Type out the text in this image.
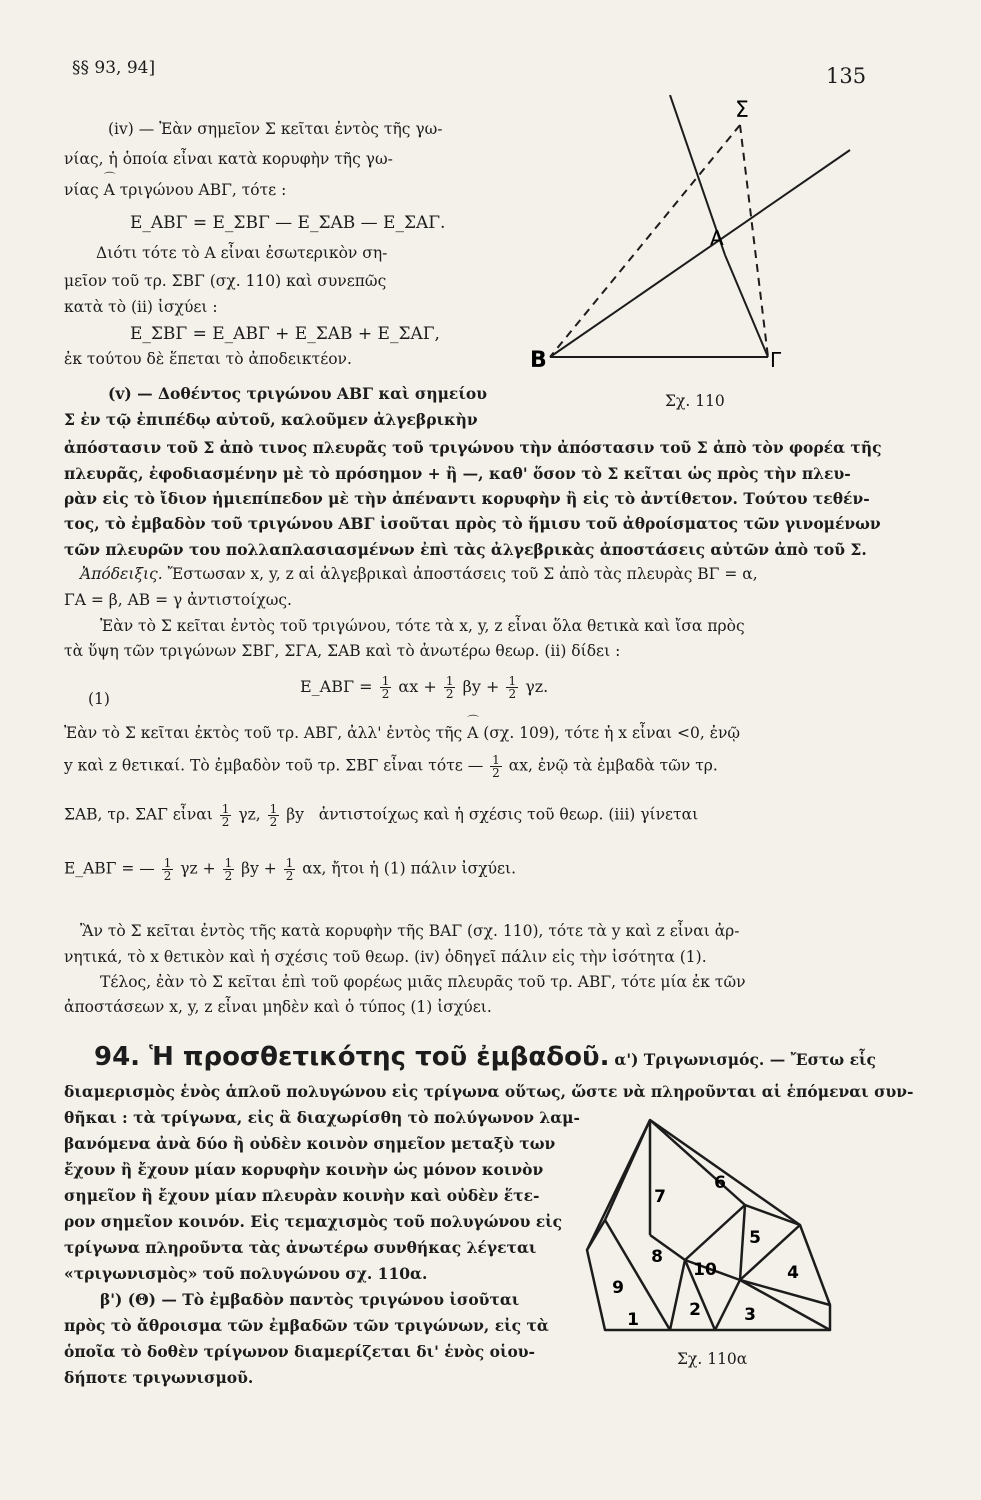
§§ 93, 94]	135
(iv) — Ἐὰν σημεῖον Σ κεῖται ἐντὸς τῆς γω-
νίας, ἡ ὁποία εἶναι κατὰ κορυφὴν τῆς γω-
νίας ⌒ Α τριγώνου ΑΒΓ, τότε :
Ε_ΑΒΓ = Ε_ΣΒΓ — Ε_ΣΑΒ — Ε_ΣΑΓ.
Διότι τότε τὸ Α εἶναι ἐσωτερικὸν ση-
μεῖον τοῦ τρ. ΣΒΓ (σχ. 110) καὶ συνεπῶς
κατὰ τὸ (ii) ἰσχύει :
Ε_ΣΒΓ = Ε_ΑΒΓ + Ε_ΣΑΒ + Ε_ΣΑΓ,
ἐκ τούτου δὲ ἕπεται τὸ ἀποδεικτέον.
Σ
Α
Β	Γ
Σχ. 110
(v) — Δοθέντος τριγώνου ΑΒΓ καὶ σημείου
Σ ἐν τῷ ἐπιπέδῳ αὐτοῦ, καλοῦμεν ἀλγεβρικὴν
ἀπόστασιν τοῦ Σ ἀπὸ τινος πλευρᾶς τοῦ τριγώνου τὴν ἀπόστασιν τοῦ Σ ἀπὸ τὸν φορέα τῆς
πλευρᾶς, ἐφοδιασμένην μὲ τὸ πρόσημον + ἢ —, καθ' ὅσον τὸ Σ κεῖται ὡς πρὸς τὴν πλευ-
ρὰν εἰς τὸ ἴδιον ἡμιεπίπεδον μὲ τὴν ἀπέναντι κορυφὴν ἢ εἰς τὸ ἀντίθετον. Τούτου τεθέν-
τος, τὸ ἐμβαδὸν τοῦ τριγώνου ΑΒΓ ἰσοῦται πρὸς τὸ ἥμισυ τοῦ ἀθροίσματος τῶν γινομένων
τῶν πλευρῶν του πολλαπλασιασμένων ἐπὶ τὰς ἀλγεβρικὰς ἀποστάσεις αὐτῶν ἀπὸ τοῦ Σ.
Ἀπόδειξις. Ἔστωσαν x, y, z αἱ ἀλγεβρικαὶ ἀποστάσεις τοῦ Σ ἀπὸ τὰς πλευρὰς ΒΓ = α,
ΓΑ = β, ΑΒ = γ ἀντιστοίχως.
Ἐὰν τὸ Σ κεῖται ἐντὸς τοῦ τριγώνου, τότε τὰ x, y, z εἶναι ὅλα θετικὰ καὶ ἴσα πρὸς
τὰ ὕψη τῶν τριγώνων ΣΒΓ, ΣΓΑ, ΣΑΒ καὶ τὸ ἀνωτέρω θεωρ. (ii) δίδει :
(1)
Ε_ΑΒΓ = $\frac{1}{2}$ $\alpha x + \frac{1}{2}$ $\beta y + \frac{1}{2} \gamma z$.
Ἐὰν τὸ Σ κεῖται ἐκτὸς τοῦ τρ. ΑΒΓ, ἀλλ' ἐντὸς τῆς ⌒ Α (σχ. 109), τότε ἡ x εἶναι <0, ἐνῷ
y καὶ z θετικαί. Τὸ ἐμβαδὸν τοῦ τρ. ΣΒΓ εἶναι τότε — $\frac{1}{2} \alpha x$, ἐνῷ τὰ ἐμβαδὰ τῶν τρ.
ΣΑΒ, τρ. ΣΑΓ εἶναι $\frac{1}{2} \gamma z$, $\frac{1}{2}$ βy ἀντιστοίχως καὶ ἡ σχέσις τοῦ θεωρ. (iii) γίνεται
Ε_ΑΒΓ = — $\frac{1}{2}$ $\gamma z + \frac{1}{2}$ $\beta y + \frac{1}{2} \alpha x$, ἤτοι ἡ (1) πάλιν ἰσχύει.
Ἂν τὸ Σ κεῖται ἐντὸς τῆς κατὰ κορυφὴν τῆς ΒΑΓ (σχ. 110), τότε τὰ y καὶ z εἶναι ἀρ-
νητικά, τὸ x θετικὸν καὶ ἡ σχέσις τοῦ θεωρ. (iv) ὁδηγεῖ πάλιν εἰς τὴν ἰσότητα (1).
Τέλος, ἐὰν τὸ Σ κεῖται ἐπὶ τοῦ φορέως μιᾶς πλευρᾶς τοῦ τρ. ΑΒΓ, τότε μία ἐκ τῶν
ἀποστάσεων x, y, z εἶναι μηδὲν καὶ ὁ τύπος (1) ἰσχύει.
94. Ἡ προσθετικότης τοῦ ἐμβαδοῦ. α') Τριγωνισμός. — Ἔστω εἷς
διαμερισμὸς ἑνὸς ἁπλοῦ πολυγώνου εἰς τρίγωνα οὕτως, ὥστε νὰ πληροῦνται αἱ ἑπόμεναι συν-
θῆκαι : τὰ τρίγωνα, εἰς ἃ διαχωρίσθη τὸ πολύγωνον λαμ-
βανόμενα ἀνὰ δύο ἢ οὐδὲν κοινὸν σημεῖον μεταξὺ των
ἔχουν ἢ ἔχουν μίαν κορυφὴν κοινὴν ὡς μόνον κοινὸν
σημεῖον ἢ ἔχουν μίαν πλευρὰν κοινὴν καὶ οὐδὲν ἕτε-
ρον σημεῖον κοινόν. Εἰς τεμαχισμὸς τοῦ πολυγώνου εἰς
τρίγωνα πληροῦντα τὰς ἀνωτέρω συνθήκας λέγεται
«τριγωνισμὸς» τοῦ πολυγώνου σχ. 110α.
β') (Θ) — Τὸ ἐμβαδὸν παντὸς τριγώνου ἰσοῦται
πρὸς τὸ ἄθροισμα τῶν ἐμβαδῶν τῶν τριγώνων, εἰς τὰ
ὁποῖα τὸ δοθὲν τρίγωνον διαμερίζεται δι' ἑνὸς οἱου-
δήποτε τριγωνισμοῦ.
1	2	3
4
5
6
7
8
9
10
Σχ. 110α
